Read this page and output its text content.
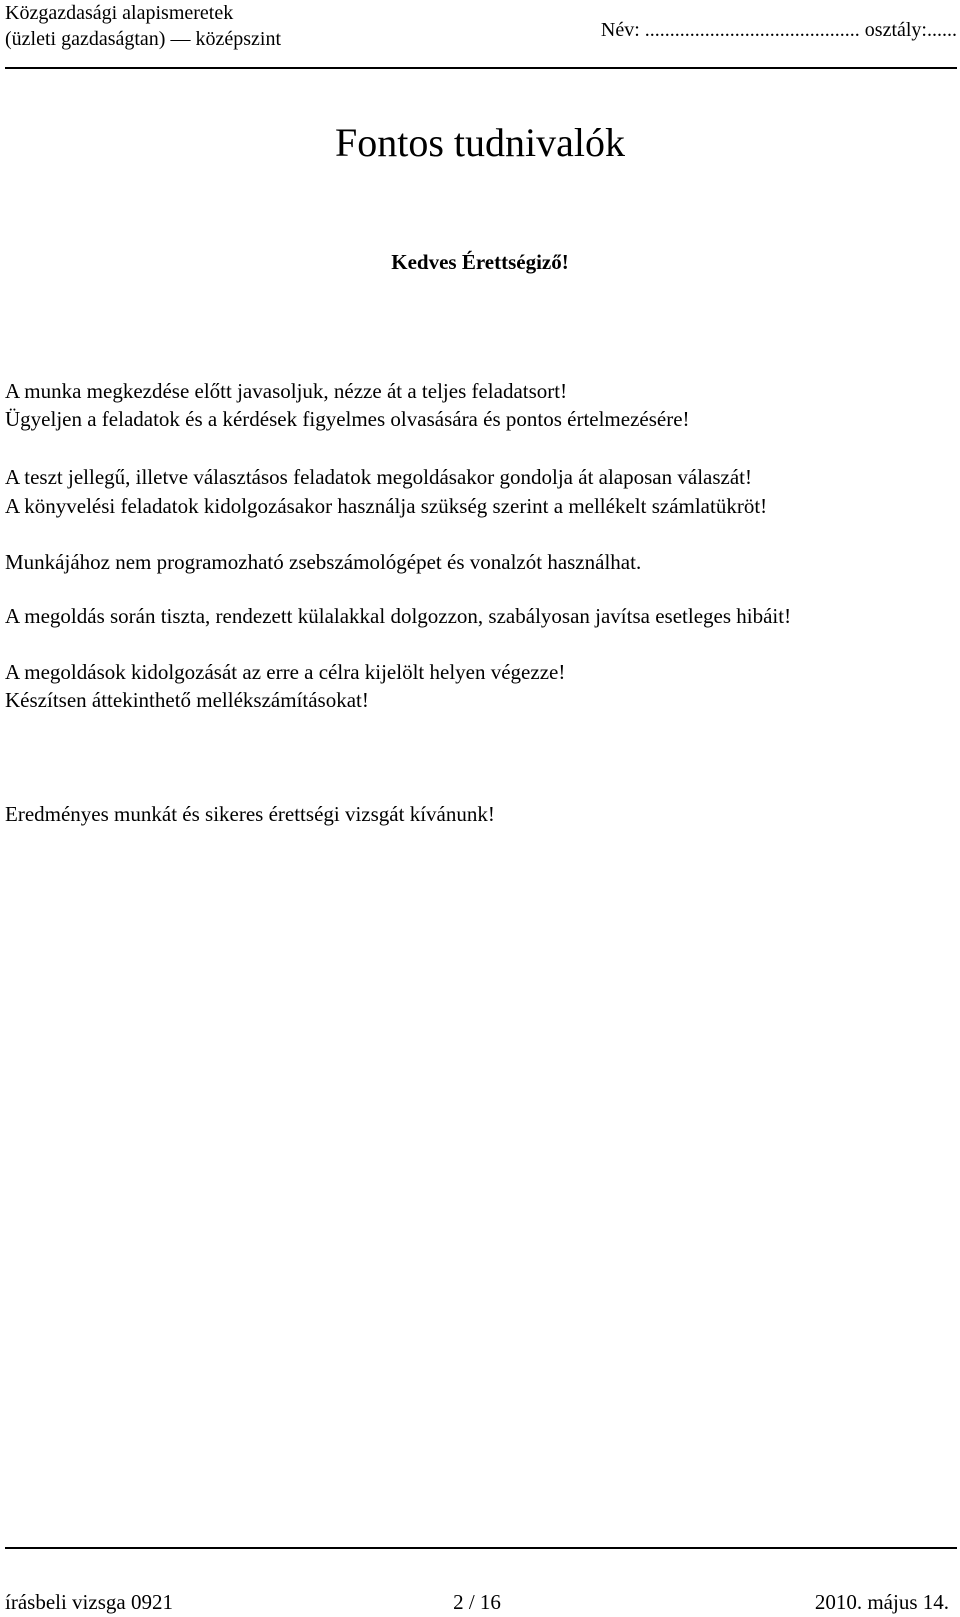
Közgazdasági alapismeretek
(üzleti gazdaságtan) — középszint	Név: ........................................... osztály:......
Fontos tudnivalók
Kedves Érettségiző!
A munka megkezdése előtt javasoljuk, nézze át a teljes feladatsort!
Ügyeljen a feladatok és a kérdések figyelmes olvasására és pontos értelmezésére!
A teszt jellegű, illetve választásos feladatok megoldásakor gondolja át alaposan válaszát!
A könyvelési feladatok kidolgozásakor használja szükség szerint a mellékelt számlatükröt!
Munkájához nem programozható zsebszámológépet és vonalzót használhat.
A megoldás során tiszta, rendezett külalakkal dolgozzon, szabályosan javítsa esetleges hibáit!
A megoldások kidolgozását az erre a célra kijelölt helyen végezze!
Készítsen áttekinthető mellékszámításokat!
Eredményes munkát és sikeres érettségi vizsgát kívánunk!
2 / 16
írásbeli vizsga 0921	2010. május 14.
